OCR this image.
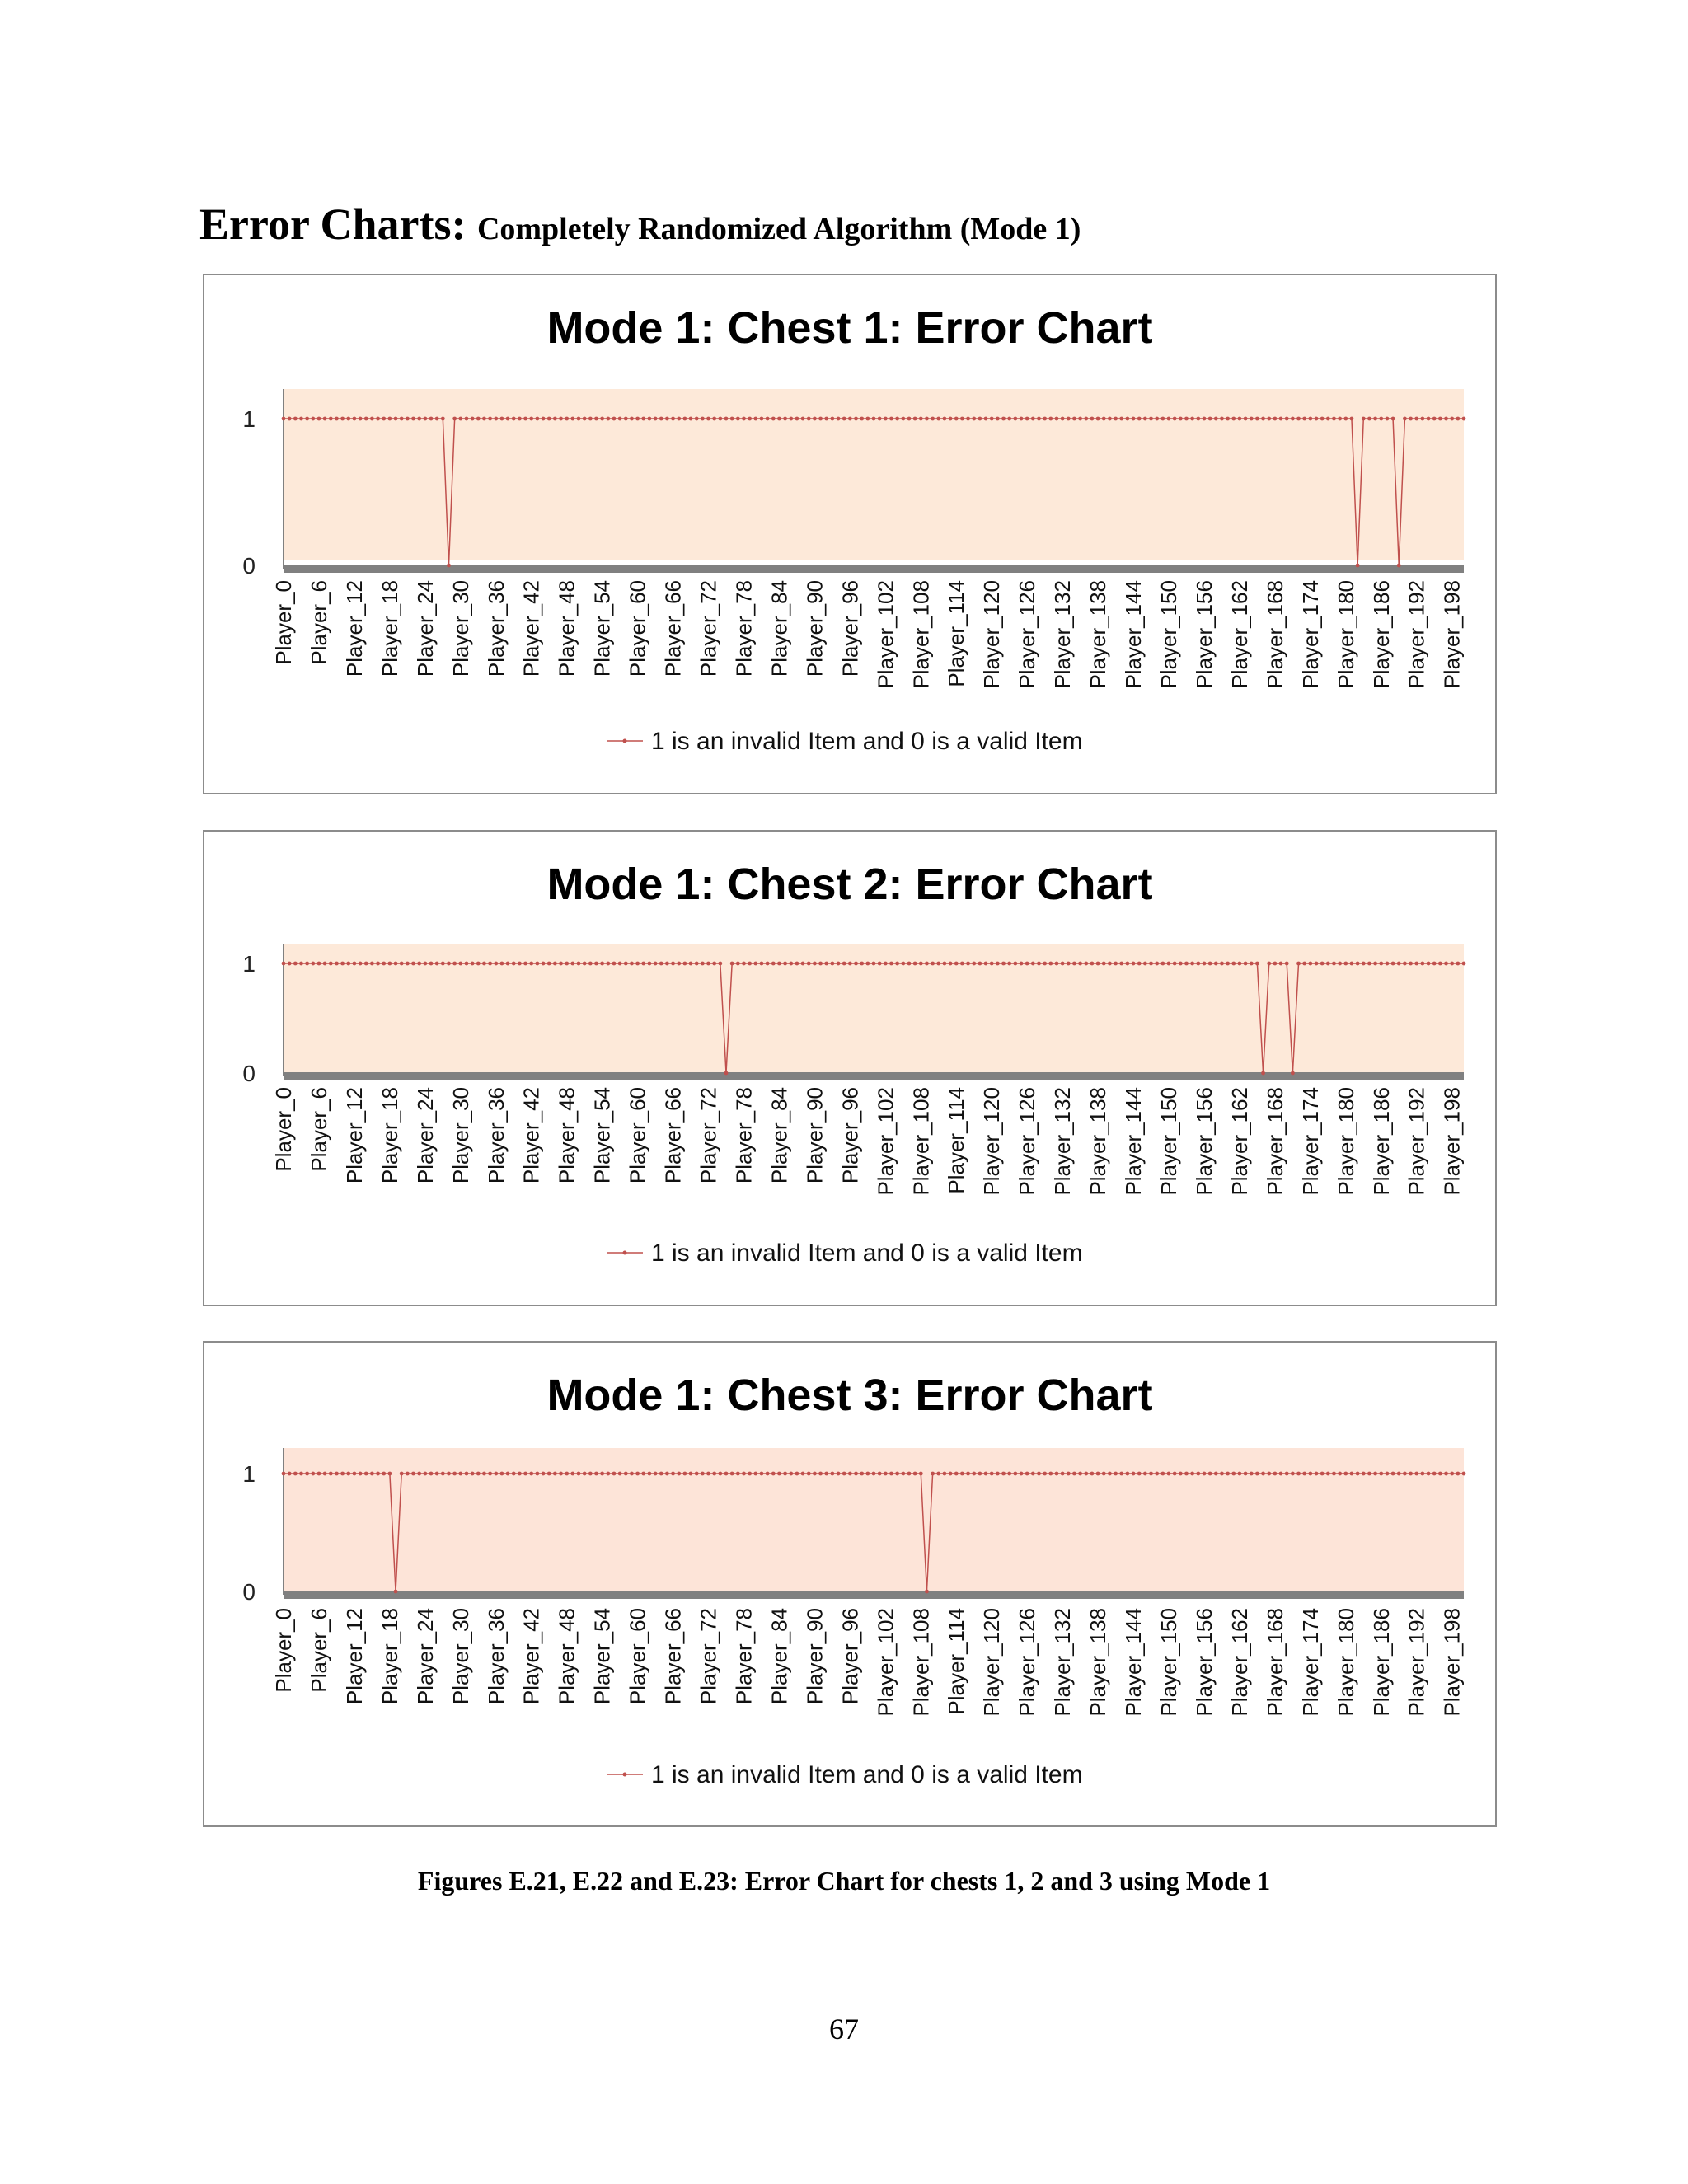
Error Charts: Completely Randomized Algorithm (Mode 1)
Mode 1: Chest 1: Error Chart
0
1
Player_0 Player_6 Player_12 Player_18 Player_24 Player_30 Player_36 Player_42 Player_48 Player_54 Player_60 Player_66 Player_72 Player_78 Player_84 Player_90 Player_96 Player_102 Player_108 Player_114 Player_120 Player_126 Player_132 Player_138 Player_144 Player_150 Player_156 Player_162 Player_168 Player_174 Player_180 Player_186 Player_192 Player_198
1 is an invalid Item and 0 is a valid Item
Mode 1: Chest 2: Error Chart
0
1
Player_0 Player_6 Player_12 Player_18 Player_24 Player_30 Player_36 Player_42 Player_48 Player_54 Player_60 Player_66 Player_72 Player_78 Player_84 Player_90 Player_96 Player_102 Player_108 Player_114 Player_120 Player_126 Player_132 Player_138 Player_144 Player_150 Player_156 Player_162 Player_168 Player_174 Player_180 Player_186 Player_192 Player_198
1 is an invalid Item and 0 is a valid Item
Mode 1: Chest 3: Error Chart
0
1
Player_0 Player_6 Player_12 Player_18 Player_24 Player_30 Player_36 Player_42 Player_48 Player_54 Player_60 Player_66 Player_72 Player_78 Player_84 Player_90 Player_96 Player_102 Player_108 Player_114 Player_120 Player_126 Player_132 Player_138 Player_144 Player_150 Player_156 Player_162 Player_168 Player_174 Player_180 Player_186 Player_192 Player_198
1 is an invalid Item and 0 is a valid Item

Figures E.21, E.22 and E.23: Error Chart for chests 1, 2 and 3 using Mode 1

67
